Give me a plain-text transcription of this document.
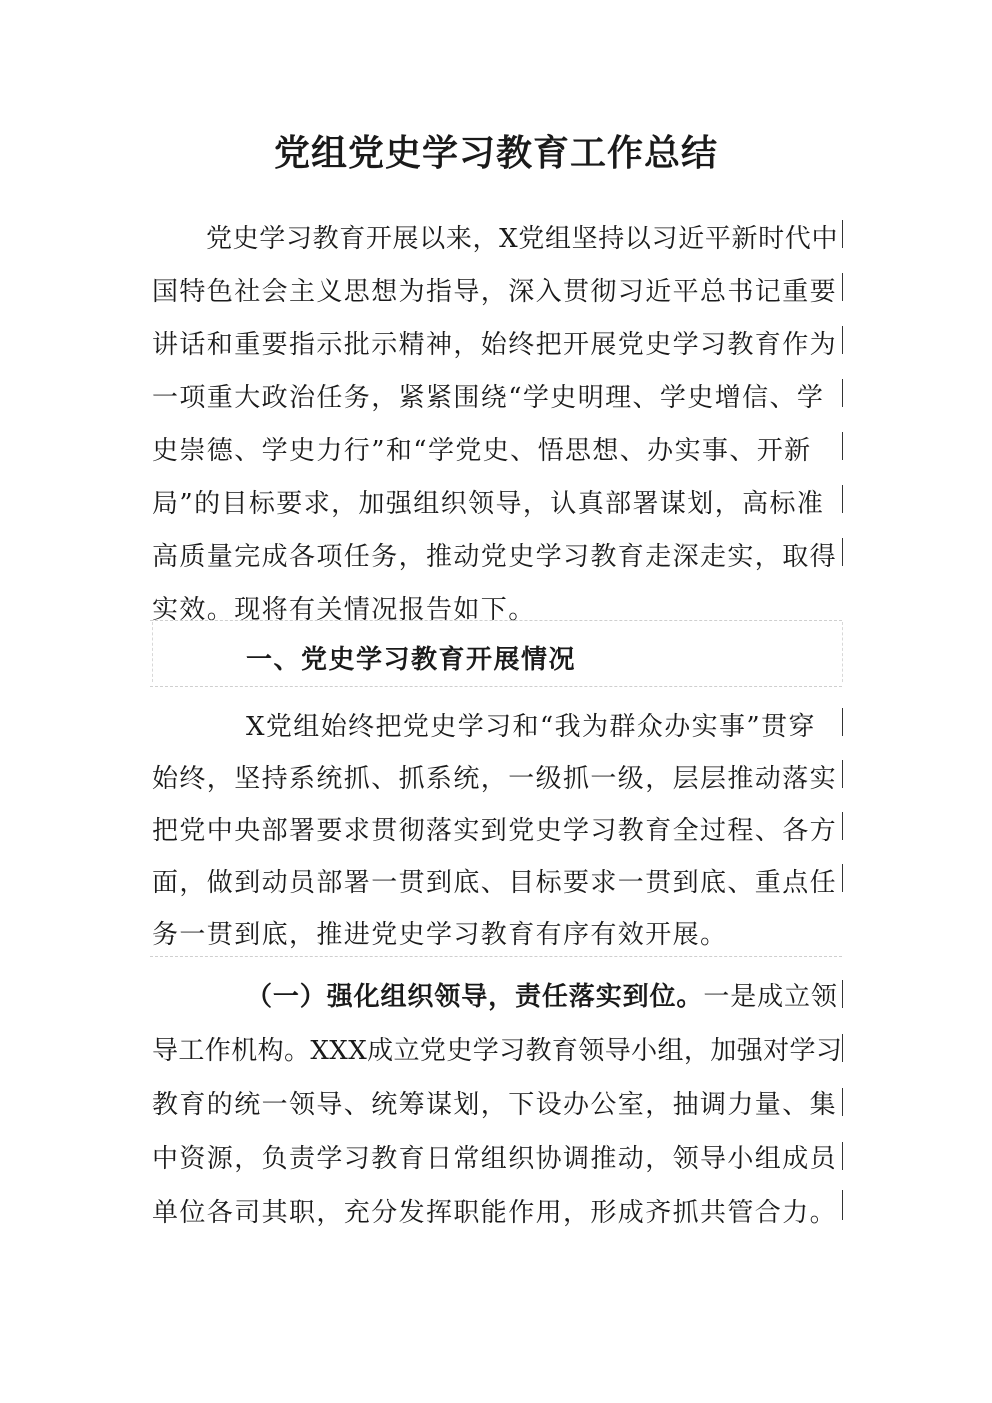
党组党史学习教育工作总结
党史学习教育开展以来，X党组坚持以习近平新时代中
国特色社会主义思想为指导，深入贯彻习近平总书记重要
讲话和重要指示批示精神，始终把开展党史学习教育作为
一项重大政治任务，紧紧围绕“学史明理、学史增信、学
史崇德、学史力行”和“学党史、悟思想、办实事、开新
局”的目标要求，加强组织领导，认真部署谋划，高标准
高质量完成各项任务，推动党史学习教育走深走实，取得
实效。现将有关情况报告如下。
一、党史学习教育开展情况
X党组始终把党史学习和“我为群众办实事”贯穿
始终，坚持系统抓、抓系统，一级抓一级，层层推动落实
把党中央部署要求贯彻落实到党史学习教育全过程、各方
面，做到动员部署一贯到底、目标要求一贯到底、重点任
务一贯到底，推进党史学习教育有序有效开展。
（一）强化组织领导，责任落实到位。一是成立领
导工作机构。XXX成立党史学习教育领导小组，加强对学习
教育的统一领导、统筹谋划，下设办公室，抽调力量、集
中资源，负责学习教育日常组织协调推动，领导小组成员
单位各司其职，充分发挥职能作用，形成齐抓共管合力。
